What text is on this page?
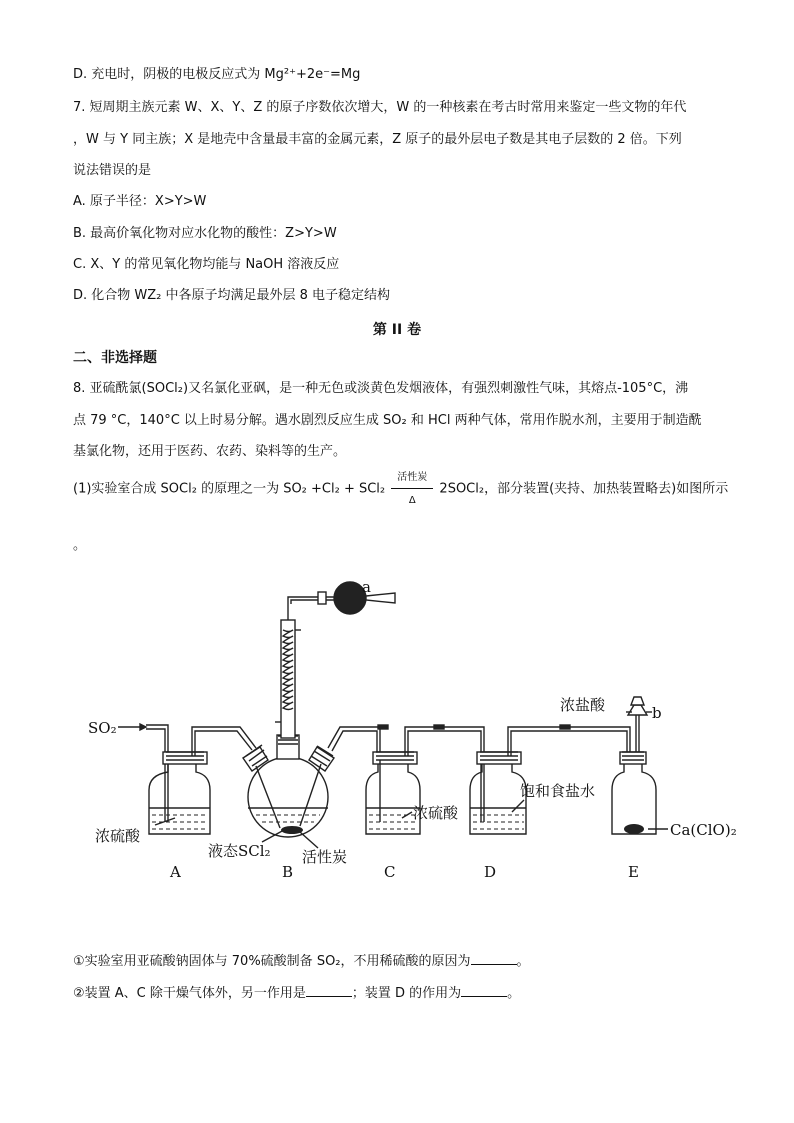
D. 充电时，阴极的电极反应式为 Mg²⁺+2e⁻=Mg
7. 短周期主族元素 W、X、Y、Z 的原子序数依次增大，W 的一种核素在考古时常用来鉴定一些文物的年代
，W 与 Y 同主族；X 是地壳中含量最丰富的金属元素，Z 原子的最外层电子数是其电子层数的 2 倍。下列
说法错误的是
A. 原子半径：X>Y>W
B. 最高价氧化物对应水化物的酸性：Z>Y>W
C. X、Y 的常见氧化物均能与 NaOH 溶液反应
D. 化合物 WZ₂ 中各原子均满足最外层 8 电子稳定结构
第 II 卷
二、非选择题
8. 亚硫酰氯(SOCl₂)又名氯化亚砜，是一种无色或淡黄色发烟液体，有强烈刺激性气味，其熔点-105°C，沸
点 79 °C，140°C 以上时易分解。遇水剧烈反应生成 SO₂ 和 HCl 两种气体，常用作脱水剂，主要用于制造酰
基氯化物，还用于医药、农药、染料等的生产。
(1)实验室合成 SOCl₂ 的原理之一为 SO₂ +Cl₂ + SCl₂
活性炭
Δ
2SOCl₂，部分装置(夹持、加热装置略去)如图所示
。
SO₂
a
b
浓盐酸
浓硫酸
液态SCl₂ 活性炭
浓硫酸
饱和食盐水
Ca(ClO)₂
A	B	C	D	E
①实验室用亚硫酸钠固体与 70%硫酸制备 SO₂，不用稀硫酸的原因为	。
②装置 A、C 除干燥气体外，另一作用是	；装置 D 的作用为	。
